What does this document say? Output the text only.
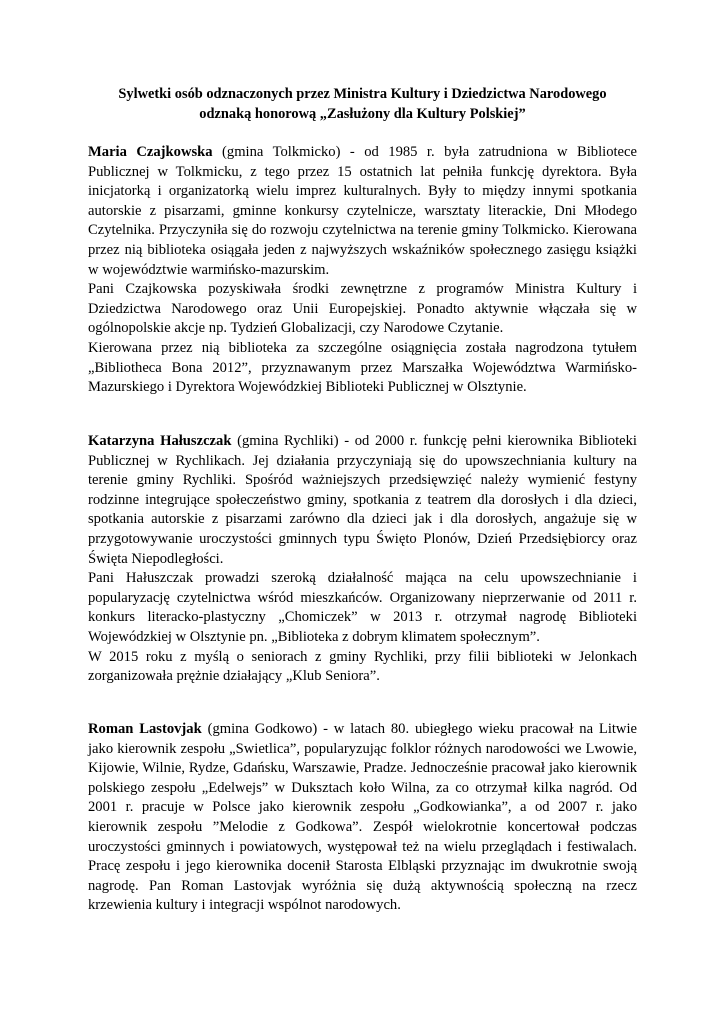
Sylwetki osób odznaczonych przez Ministra Kultury i Dziedzictwa Narodowego
odznaką honorową „Zasłużony dla Kultury Polskiej”

Maria Czajkowska (gmina Tolkmicko) - od 1985 r. była zatrudniona w Bibliotece Publicznej w Tolkmicku, z tego przez 15 ostatnich lat pełniła funkcję dyrektora. Była inicjatorką i organizatorką wielu imprez kulturalnych. Były to między innymi spotkania autorskie z pisarzami, gminne konkursy czytelnicze, warsztaty literackie, Dni Młodego Czytelnika. Przyczyniła się do rozwoju czytelnictwa na terenie gminy Tolkmicko. Kierowana przez nią biblioteka osiągała jeden z najwyższych wskaźników społecznego zasięgu książki w województwie warmińsko-mazurskim.

Pani Czajkowska pozyskiwała środki zewnętrzne z programów Ministra Kultury i Dziedzictwa Narodowego oraz Unii Europejskiej. Ponadto aktywnie włączała się w ogólnopolskie akcje np. Tydzień Globalizacji, czy Narodowe Czytanie.

Kierowana przez nią biblioteka za szczególne osiągnięcia została nagrodzona tytułem „Bibliotheca Bona 2012”, przyznawanym przez Marszałka Województwa Warmińsko-Mazurskiego i Dyrektora Wojewódzkiej Biblioteki Publicznej w Olsztynie.

Katarzyna Hałuszczak (gmina Rychliki) - od 2000 r. funkcję pełni kierownika Biblioteki Publicznej w Rychlikach. Jej działania przyczyniają się do upowszechniania kultury na terenie gminy Rychliki. Spośród ważniejszych przedsięwzięć należy wymienić festyny rodzinne integrujące społeczeństwo gminy, spotkania z teatrem dla dorosłych i dla dzieci, spotkania autorskie z pisarzami zarówno dla dzieci jak i dla dorosłych, angażuje się w przygotowywanie uroczystości gminnych typu Święto Plonów, Dzień Przedsiębiorcy oraz Święta Niepodległości.

Pani Hałuszczak prowadzi szeroką działalność mająca na celu upowszechnianie i popularyzację czytelnictwa wśród mieszkańców. Organizowany nieprzerwanie od 2011 r. konkurs literacko-plastyczny „Chomiczek” w 2013 r. otrzymał nagrodę Biblioteki Wojewódzkiej w Olsztynie pn. „Biblioteka z dobrym klimatem społecznym”.

W 2015 roku z myślą o seniorach z gminy Rychliki, przy filii biblioteki w Jelonkach zorganizowała prężnie działający „Klub Seniora”.

Roman Lastovjak (gmina Godkowo) - w latach 80. ubiegłego wieku pracował na Litwie jako kierownik zespołu „Swietlica”, popularyzując folklor różnych narodowości we Lwowie, Kijowie, Wilnie, Rydze, Gdańsku, Warszawie, Pradze. Jednocześnie pracował jako kierownik polskiego zespołu „Edelwejs” w Duksztach koło Wilna, za co otrzymał kilka nagród. Od 2001 r. pracuje w Polsce jako kierownik zespołu „Godkowianka”, a od 2007 r. jako kierownik zespołu ”Melodie z Godkowa”. Zespół wielokrotnie koncertował podczas uroczystości gminnych i powiatowych, występował też na wielu przeglądach i festiwalach. Pracę zespołu i jego kierownika docenił Starosta Elbląski przyznając im dwukrotnie swoją nagrodę. Pan Roman Lastovjak wyróżnia się dużą aktywnością społeczną na rzecz krzewienia kultury i integracji wspólnot narodowych.
